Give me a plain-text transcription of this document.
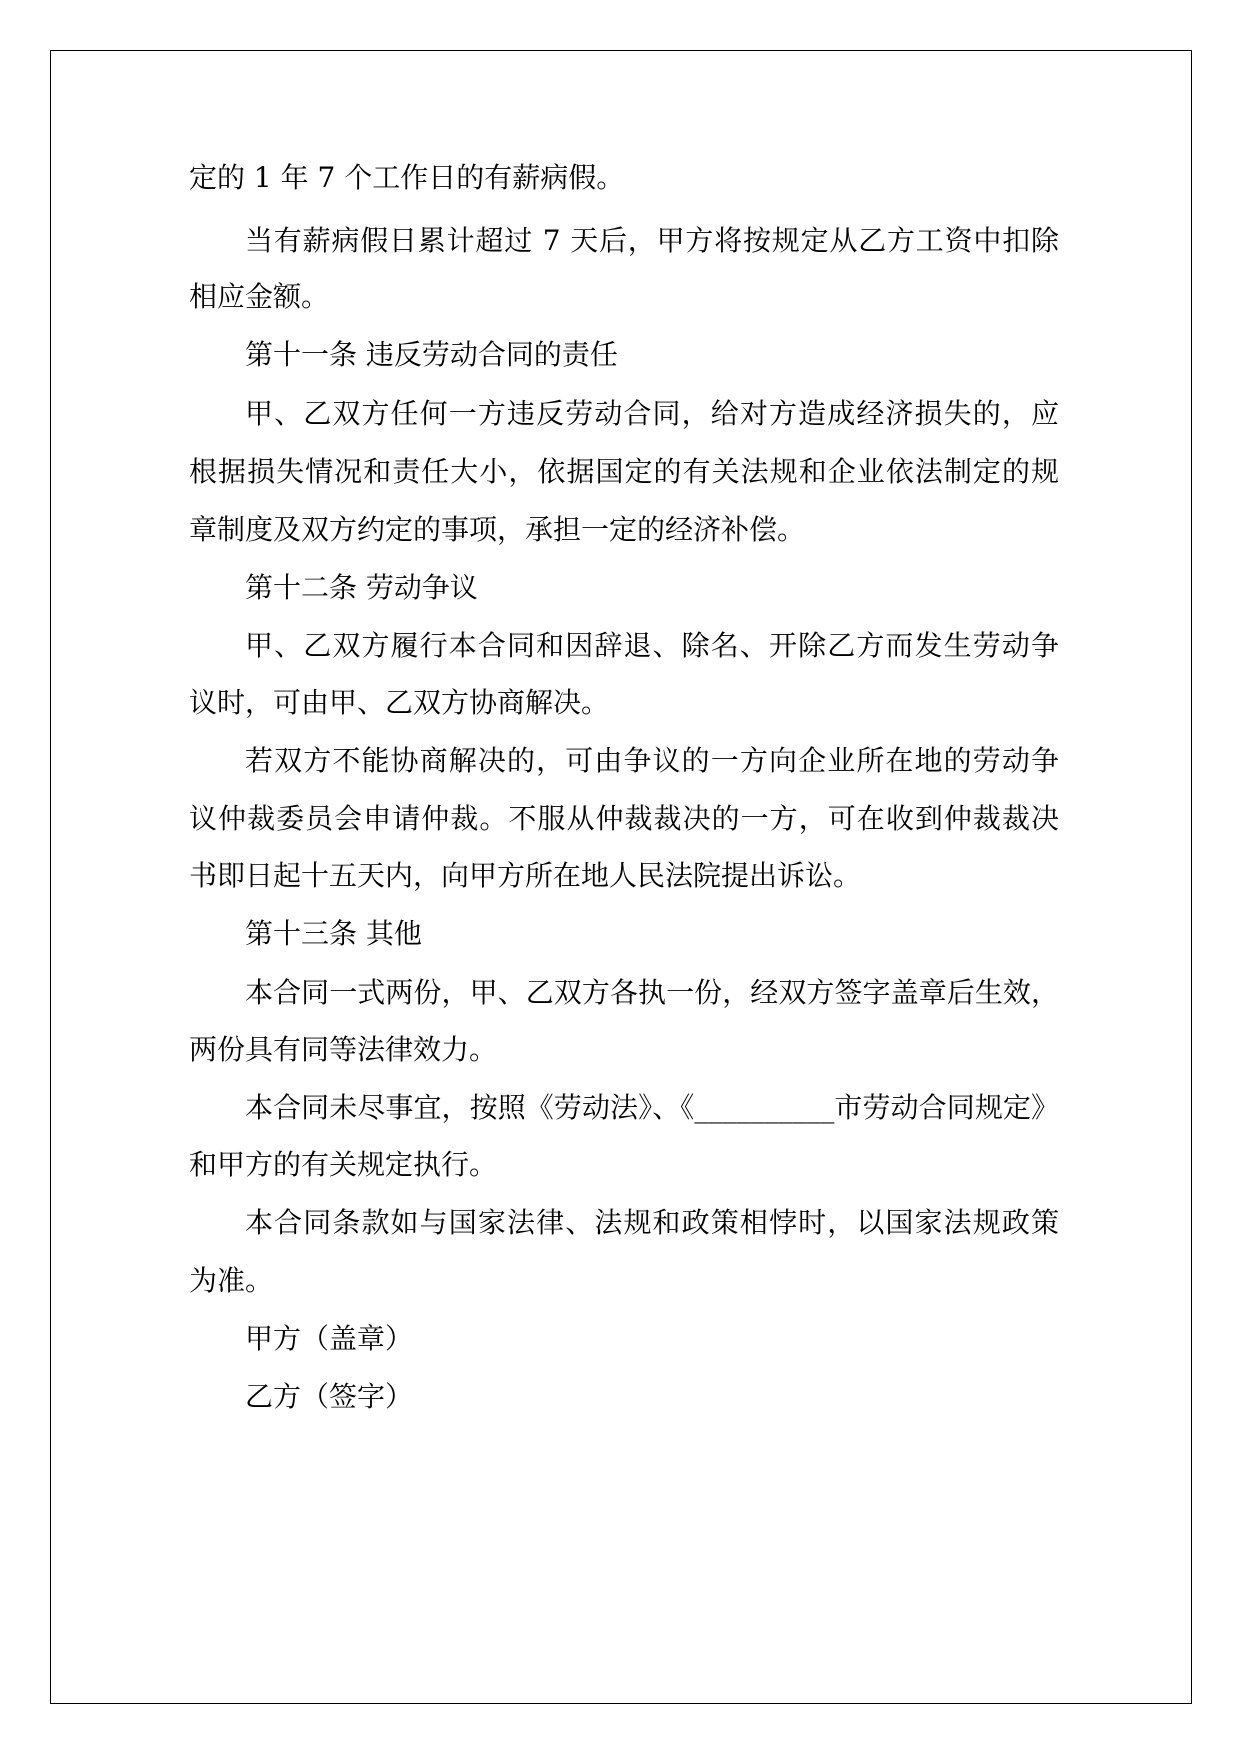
定的 1 年 7 个工作日的有薪病假。
当有薪病假日累计超过 7 天后，甲方将按规定从乙方工资中扣除
相应金额。
第十一条 违反劳动合同的责任
甲、乙双方任何一方违反劳动合同，给对方造成经济损失的，应
根据损失情况和责任大小，依据国定的有关法规和企业依法制定的规
章制度及双方约定的事项，承担一定的经济补偿。
第十二条 劳动争议
甲、乙双方履行本合同和因辞退、除名、开除乙方而发生劳动争
议时，可由甲、乙双方协商解决。
若双方不能协商解决的，可由争议的一方向企业所在地的劳动争
议仲裁委员会申请仲裁。不服从仲裁裁决的一方，可在收到仲裁裁决
书即日起十五天内，向甲方所在地人民法院提出诉讼。
第十三条 其他
本合同一式两份，甲、乙双方各执一份，经双方签字盖章后生效，
两份具有同等法律效力。
本合同未尽事宜，按照《劳动法》、《__________市劳动合同规定》
和甲方的有关规定执行。
本合同条款如与国家法律、法规和政策相悖时，以国家法规政策
为准。
甲方（盖章）
乙方（签字）
